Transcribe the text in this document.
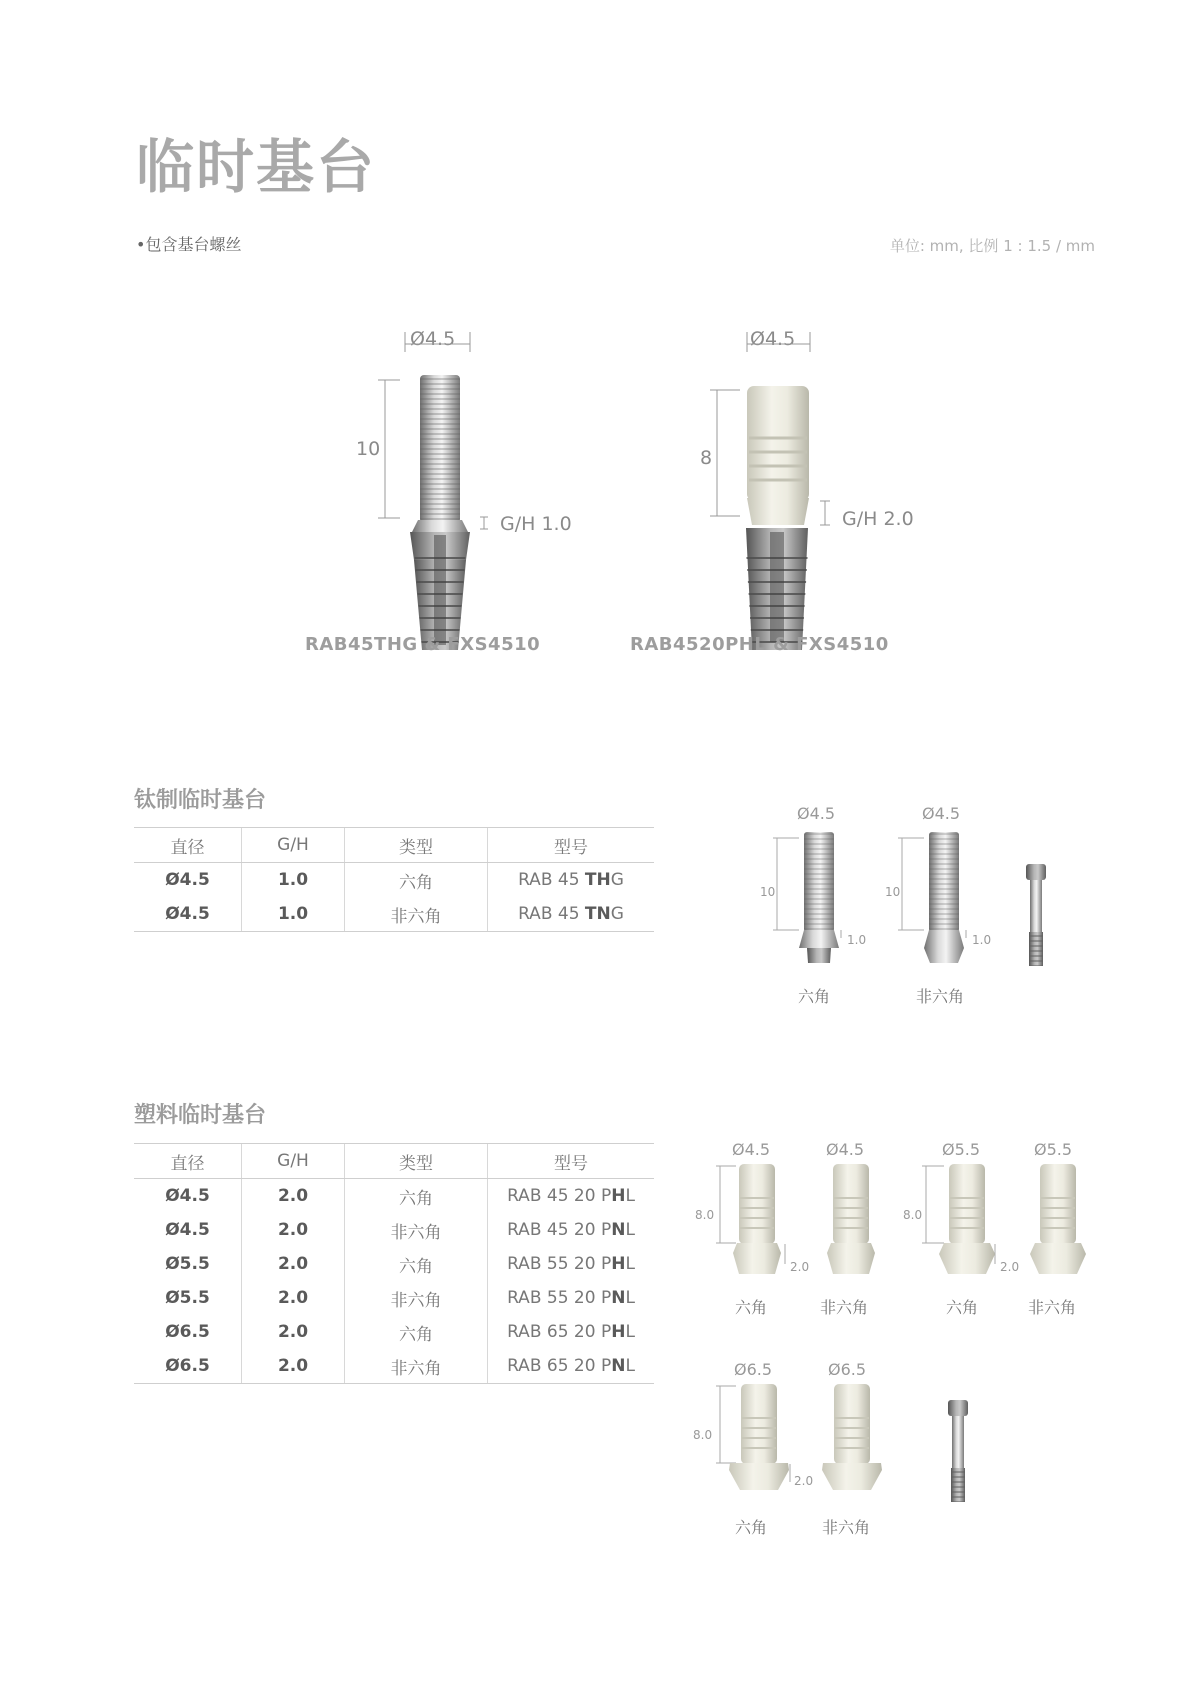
临时基台
•包含基台螺丝	单位: mm, 比例 1 : 1.5 / mm
Ø4.5
10
G/H 1.0
RAB45THG & FXS4510
Ø4.5
8
G/H 2.0
RAB4520PHL & FXS4510
钛制临时基台
直径	G/H	类型	型号
Ø4.5	1.0	六角	RAB 45 THG
Ø4.5	1.0	非六角	RAB 45 TNG
Ø4.5
10
1.0
六角
Ø4.5
10
1.0
非六角
塑料临时基台
直径	G/H	类型	型号
Ø4.5	2.0	六角	RAB 45 20 PHL
Ø4.5	2.0	非六角	RAB 45 20 PNL
Ø5.5	2.0	六角	RAB 55 20 PHL
Ø5.5	2.0	非六角	RAB 55 20 PNL
Ø6.5	2.0	六角	RAB 65 20 PHL
Ø6.5	2.0	非六角	RAB 65 20 PNL
Ø4.5
8.0
2.0
六角
Ø4.5
非六角
Ø5.5
8.0
2.0
六角
Ø5.5
非六角
Ø6.5
8.0
2.0
六角
Ø6.5
非六角
